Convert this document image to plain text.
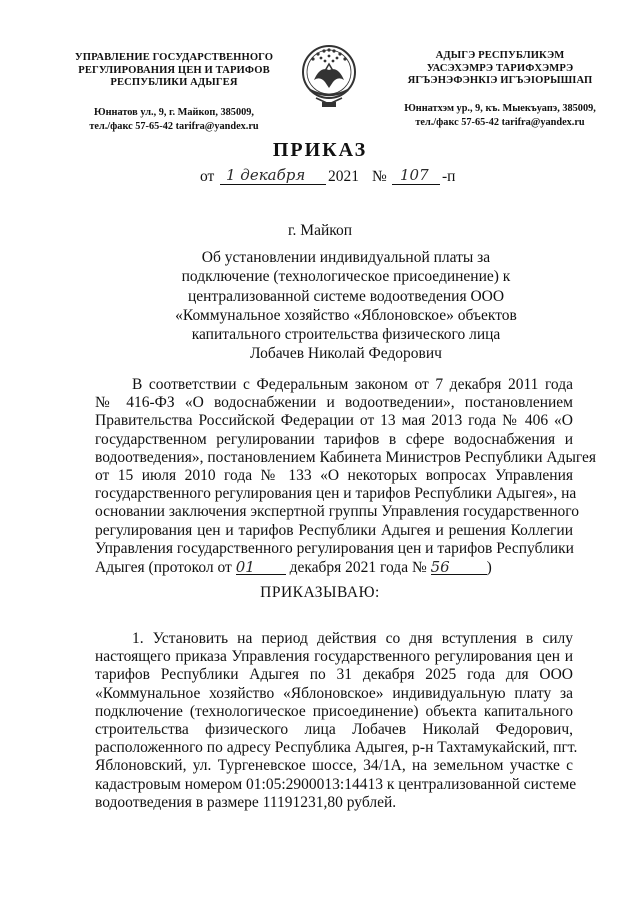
УПРАВЛЕНИЕ ГОСУДАРСТВЕННОГО
РЕГУЛИРОВАНИЯ ЦЕН И ТАРИФОВ
РЕСПУБЛИКИ АДЫГЕЯ
Юннатов ул., 9, г. Майкоп, 385009,
тел./факс 57-65-42 tarifra@yandex.ru
АДЫГЭ РЕСПУБЛИКЭМ
УАСЭХЭМРЭ ТАРИФХЭМРЭ
ЯГЪЭНЭФЭНКIЭ ИГЪЭIОРЫШIАП
Юннатхэм ур., 9, къ. Мыекъуапэ, 385009,
тел./факс 57-65-42 tarifra@yandex.ru
ПРИКАЗ
от 1 декабря 2021 № 107 -п
г. Майкоп
Об установлении индивидуальной платы за
подключение (технологическое присоединение) к
централизованной системе водоотведения ООО
«Коммунальное хозяйство «Яблоновское» объектов
капитального строительства физического лица
Лобачев Николай Федорович
В соответствии с Федеральным законом от 7 декабря 2011 года
№ 416-ФЗ «О водоснабжении и водоотведении», постановлением
Правительства Российской Федерации от 13 мая 2013 года № 406 «О
государственном регулировании тарифов в сфере водоснабжения и
водоотведения», постановлением Кабинета Министров Республики Адыгея
от 15 июля 2010 года № 133 «О некоторых вопросах Управления
государственного регулирования цен и тарифов Республики Адыгея», на
основании заключения экспертной группы Управления государственного
регулирования цен и тарифов Республики Адыгея и решения Коллегии
Управления государственного регулирования цен и тарифов Республики
Адыгея (протокол от 01 декабря 2021 года № 56 )
ПРИКАЗЫВАЮ:
1. Установить на период действия со дня вступления в силу
настоящего приказа Управления государственного регулирования цен и
тарифов Республики Адыгея по 31 декабря 2025 года для ООО
«Коммунальное хозяйство «Яблоновское» индивидуальную плату за
подключение (технологическое присоединение) объекта капитального
строительства физического лица Лобачев Николай Федорович,
расположенного по адресу Республика Адыгея, р-н Тахтамукайский, пгт.
Яблоновский, ул. Тургеневское шоссе, 34/1А, на земельном участке с
кадастровым номером 01:05:2900013:14413 к централизованной системе
водоотведения в размере 11191231,80 рублей.
